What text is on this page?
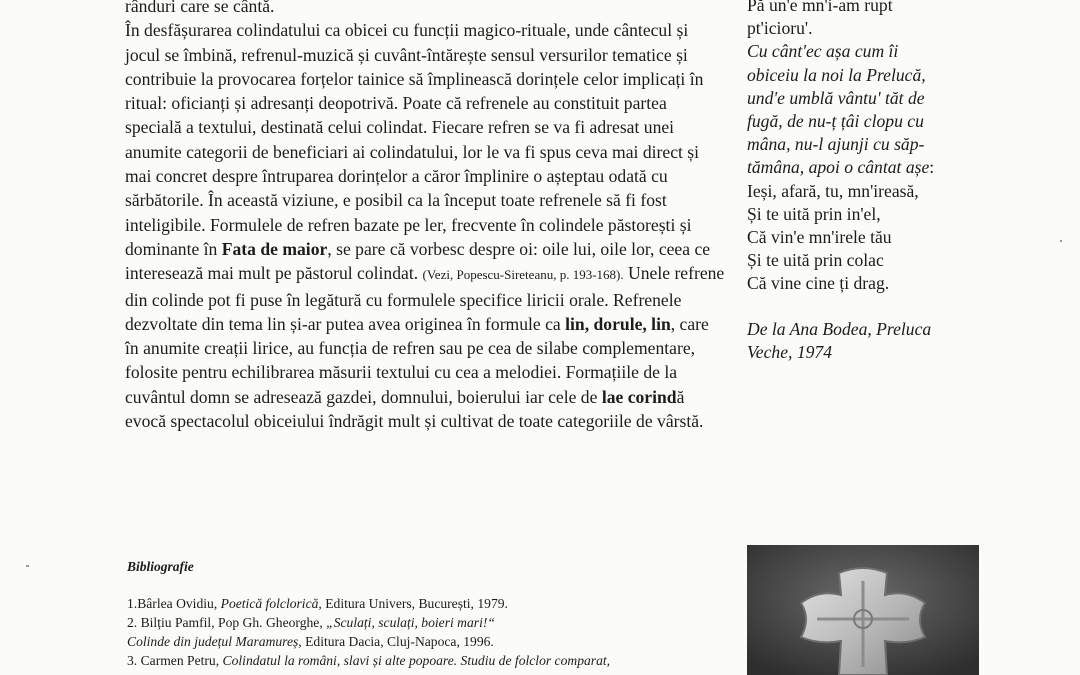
rânduri care se cântă.

În desfășurarea colindatului ca obicei cu funcții magico-rituale, unde cântecul și jocul se îmbină, refrenul-muzică și cuvânt-întărește sensul versurilor tematice și contribuie la provocarea forțelor tainice să împlinească dorințele celor implicați în ritual: oficianți și adresanți deopotrivă. Poate că refrenele au constituit partea specială a textului, destinată celui colindat. Fiecare refren se va fi adresat unei anumite categorii de beneficiari ai colindatului, lor le va fi spus ceva mai direct și mai concret despre întruparea dorințelor a căror împlinire o așteptau odată cu sărbătorile. În această viziune, e posibil ca la început toate refrenele să fi fost inteligibile. Formulele de refren bazate pe ler, frecvente în colindele păstorești și dominante în Fata de maior, se pare că vorbesc despre oi: oile lui, oile lor, ceea ce interesează mai mult pe păstorul colindat. (Vezi, Popescu-Sireteanu, p. 193-168). Unele refrene din colinde pot fi puse în legătură cu formulele specifice liricii orale. Refrenele dezvoltate din tema lin și-ar putea avea originea în formule ca lin, dorule, lin, care în anumite creații lirice, au funcția de refren sau pe cea de silabe complementare, folosite pentru echilibrarea măsurii textului cu cea a melodiei. Formațiile de la cuvântul domn se adresează gazdei, domnului, boierului iar cele de lae corindă evocă spectacolul obiceiului îndrăgit mult și cultivat de toate categoriile de vârstă.

Pă un'e mn'i-am rupt
pt'icioru'.
Cu cânt'ec așa cum îi
obiceiu la noi la Prelucă,
und'e umblă vântu' tăt de
fugă, de nu-ț țâi clopu cu
mâna, nu-l ajunji cu săp-
tămâna, apoi o cântat așe:
Ieși, afară, tu, mn'ireasă,
Și te uită prin in'el,
Că vin'e mn'irele tău
Și te uită prin colac
Că vine cine ți drag.
De la Ana Bodea, Preluca
Veche, 1974
Bibliografie
1.Bârlea Ovidiu, Poetică folclorică, Editura Univers, București, 1979.
2. Bilțiu Pamfil, Pop Gh. Gheorghe, „Sculați, sculați, boieri mari!“
Colinde din județul Maramureș, Editura Dacia, Cluj-Napoca, 1996.
3. Carmen Petru, Colindatul la români, slavi și alte popoare. Studiu de folclor comparat,
